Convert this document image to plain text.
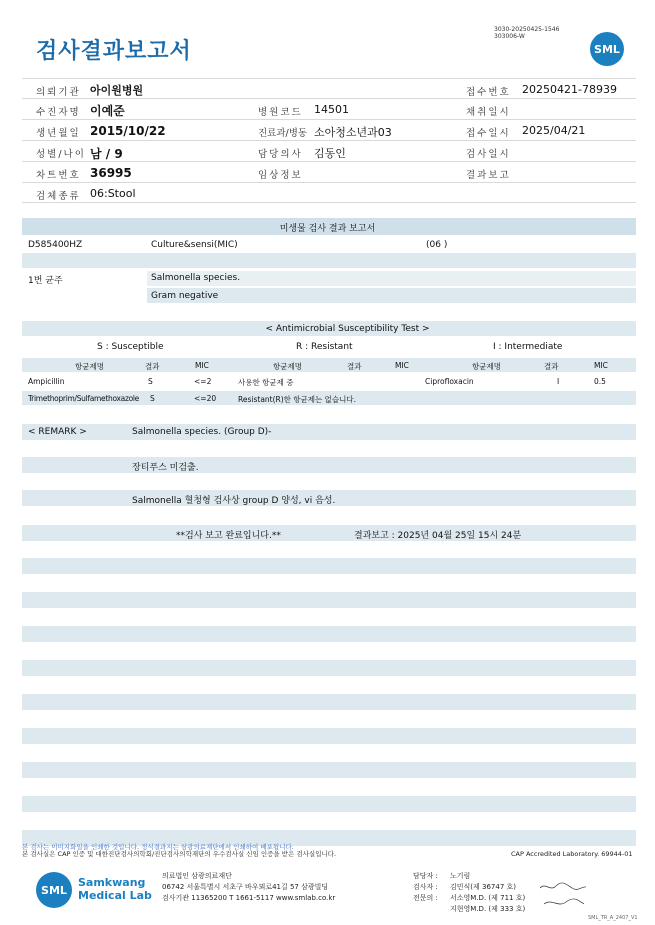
검사결과보고서
3030-20250425-1546
303006-W
SML
의뢰기관 아이원병원	접수번호 20250421-78939
수진자명 이예준	병원코드 14501	채취일시
생년월일 2015/10/22	진료과/병동 소아청소년과03	접수일시 2025/04/21
성별/나이 남 / 9	담당의사 김동인	검사일시
차트번호 36995	임상정보	결과보고
검체종류 06:Stool
미생물 검사 결과 보고서
D585400HZ	Culture&sensi(MIC)	(06 )
1번 균주	Salmonella species.
Gram negative
< Antimicrobial Susceptibility Test >
S : Susceptible	R : Resistant	I : Intermediate
항균제명	결과	MIC	항균제명	결과	MIC	항균제명	결과	MIC
Ampicillin	S	<=2	사용한 항균제 중	Ciprofloxacin	I	0.5
Trimethoprim/Sulfamethoxazole S	<=20	Resistant(R)한 항균제는 없습니다.
< REMARK >	Salmonella species. (Group D)-
장티푸스 미검출.
Salmonella 혈청형 검사상 group D 양성, vi 음성.
**검사 보고 완료입니다.**	결과보고 : 2025년 04월 25일 15시 24분
본 검사는 이미지화일을 인쇄한 것입니다. 정식결과지는 삼광의료재단에서 인쇄하여 배포됩니다.
본 검사실은 CAP 인증 및 대한진단검사의학회/진단검사의학재단의 우수검사실 신임 인증을 받은 검사실입니다.	CAP Accredited Laboratory. 69944-01
SML
Samkwang
Medical Lab
의료법인 삼광의료재단
06742 서울특별시 서초구 바우뫼로41길 57 삼광빌딩
검사기관 11365200 T 1661-5117 www.smlab.co.kr
담당자 : 노기림
검사자 : 김민식(제 36747 호)
전문의 : 서소영M.D. (제 711 호)
지현영M.D. (제 333 호)
SML_TR_A_2407_V1
